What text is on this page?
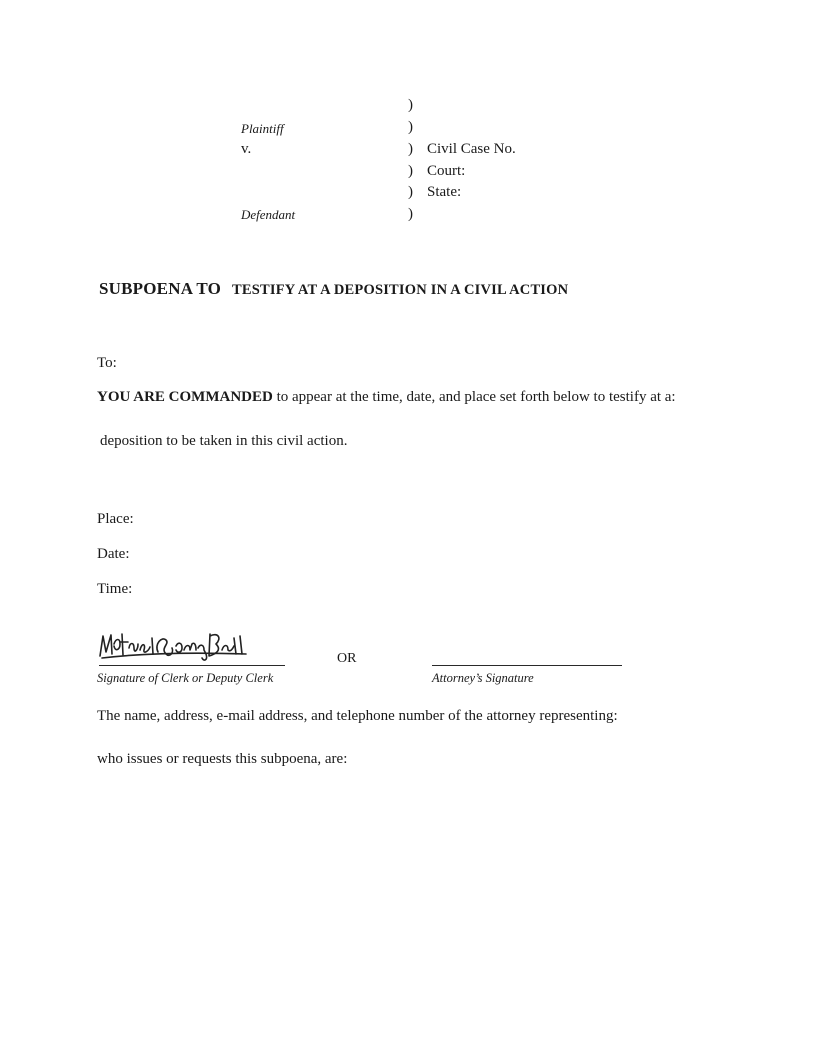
)
)
)
)
)
)
Plaintiff
v.
Defendant
Civil Case No.
Court:
State:
SUBPOENA TO TESTIFY AT A DEPOSITION IN A CIVIL ACTION
To:
YOU ARE COMMANDED to appear at the time, date, and place set forth below to testify at a:
deposition to be taken in this civil action.
Place:
Date:
Time:
OR
Signature of Clerk or Deputy Clerk	Attorney’s Signature
The name, address, e-mail address, and telephone number of the attorney representing:
who issues or requests this subpoena, are:
